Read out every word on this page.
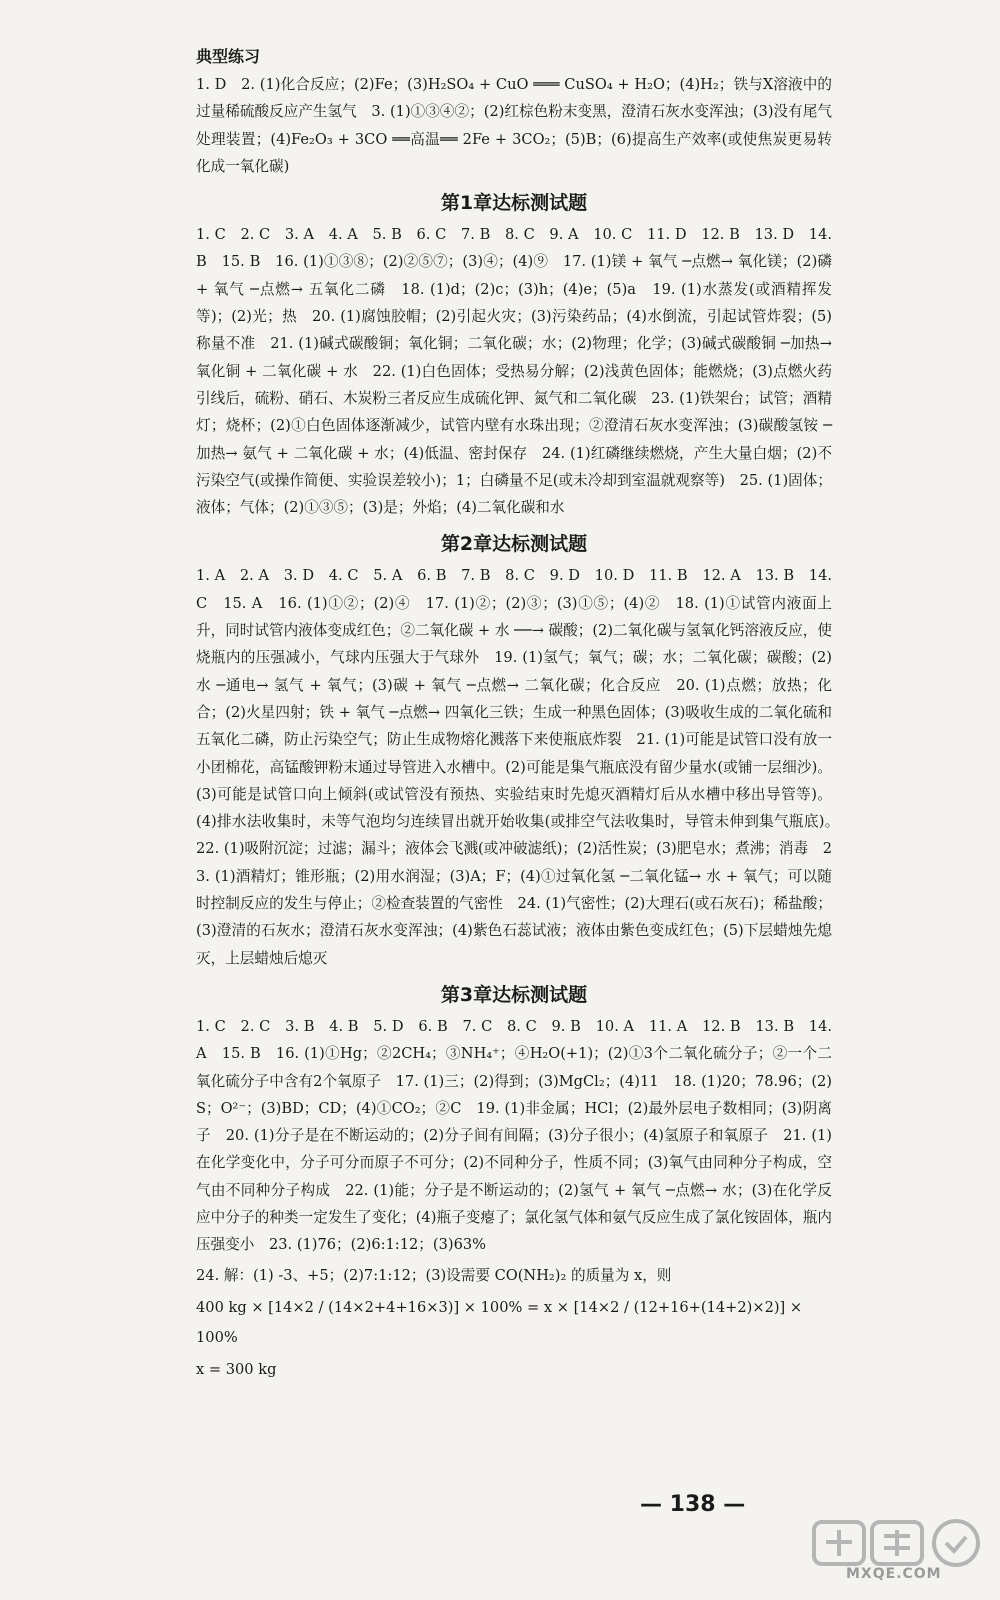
典型练习

1. D　2. (1)化合反应；(2)Fe；(3)H₂SO₄ + CuO ═══ CuSO₄ + H₂O；(4)H₂；铁与X溶液中的过量稀硫酸反应产生氢气　3. (1)①③④②；(2)红棕色粉末变黑，澄清石灰水变浑浊；(3)没有尾气处理装置；(4)Fe₂O₃ + 3CO ══高温══ 2Fe + 3CO₂；(5)B；(6)提高生产效率(或使焦炭更易转化成一氧化碳)

第1章达标测试题

1. C　2. C　3. A　4. A　5. B　6. C　7. B　8. C　9. A　10. C　11. D　12. B　13. D　14. B　15. B　16. (1)①③⑧；(2)②⑤⑦；(3)④；(4)⑨　17. (1)镁 + 氧气 ─点燃→ 氧化镁；(2)磷 + 氧气 ─点燃→ 五氧化二磷　18. (1)d；(2)c；(3)h；(4)e；(5)a　19. (1)水蒸发(或酒精挥发等)；(2)光；热　20. (1)腐蚀胶帽；(2)引起火灾；(3)污染药品；(4)水倒流，引起试管炸裂；(5)称量不准　21. (1)碱式碳酸铜；氧化铜；二氧化碳；水；(2)物理；化学；(3)碱式碳酸铜 ─加热→ 氧化铜 + 二氧化碳 + 水　22. (1)白色固体；受热易分解；(2)浅黄色固体；能燃烧；(3)点燃火药引线后，硫粉、硝石、木炭粉三者反应生成硫化钾、氮气和二氧化碳　23. (1)铁架台；试管；酒精灯；烧杯；(2)①白色固体逐渐减少，试管内壁有水珠出现；②澄清石灰水变浑浊；(3)碳酸氢铵 ─加热→ 氨气 + 二氧化碳 + 水；(4)低温、密封保存　24. (1)红磷继续燃烧，产生大量白烟；(2)不污染空气(或操作简便、实验误差较小)；1；白磷量不足(或未冷却到室温就观察等)　25. (1)固体；液体；气体；(2)①③⑤；(3)是；外焰；(4)二氧化碳和水

第2章达标测试题

1. A　2. A　3. D　4. C　5. A　6. B　7. B　8. C　9. D　10. D　11. B　12. A　13. B　14. C　15. A　16. (1)①②；(2)④　17. (1)②；(2)③；(3)①⑤；(4)②　18. (1)①试管内液面上升，同时试管内液体变成红色；②二氧化碳 + 水 ──→ 碳酸；(2)二氧化碳与氢氧化钙溶液反应，使烧瓶内的压强减小，气球内压强大于气球外　19. (1)氢气；氧气；碳；水；二氧化碳；碳酸；(2)水 ─通电→ 氢气 + 氧气；(3)碳 + 氧气 ─点燃→ 二氧化碳；化合反应　20. (1)点燃；放热；化合；(2)火星四射；铁 + 氧气 ─点燃→ 四氧化三铁；生成一种黑色固体；(3)吸收生成的二氧化硫和五氧化二磷，防止污染空气；防止生成物熔化溅落下来使瓶底炸裂　21. (1)可能是试管口没有放一小团棉花，高锰酸钾粉末通过导管进入水槽中。(2)可能是集气瓶底没有留少量水(或铺一层细沙)。(3)可能是试管口向上倾斜(或试管没有预热、实验结束时先熄灭酒精灯后从水槽中移出导管等)。(4)排水法收集时，未等气泡均匀连续冒出就开始收集(或排空气法收集时，导管未伸到集气瓶底)。　22. (1)吸附沉淀；过滤；漏斗；液体会飞溅(或冲破滤纸)；(2)活性炭；(3)肥皂水；煮沸；消毒　23. (1)酒精灯；锥形瓶；(2)用水润湿；(3)A；F；(4)①过氧化氢 ─二氧化锰→ 水 + 氧气；可以随时控制反应的发生与停止；②检查装置的气密性　24. (1)气密性；(2)大理石(或石灰石)；稀盐酸；(3)澄清的石灰水；澄清石灰水变浑浊；(4)紫色石蕊试液；液体由紫色变成红色；(5)下层蜡烛先熄灭，上层蜡烛后熄灭

第3章达标测试题

1. C　2. C　3. B　4. B　5. D　6. B　7. C　8. C　9. B　10. A　11. A　12. B　13. B　14. A　15. B　16. (1)①Hg；②2CH₄；③NH₄⁺；④H₂O(+1)；(2)①3个二氧化硫分子；②一个二氧化硫分子中含有2个氧原子　17. (1)三；(2)得到；(3)MgCl₂；(4)11　18. (1)20；78.96；(2)S；O²⁻；(3)BD；CD；(4)①CO₂；②C　19. (1)非金属；HCl；(2)最外层电子数相同；(3)阴离子　20. (1)分子是在不断运动的；(2)分子间有间隔；(3)分子很小；(4)氢原子和氧原子　21. (1)在化学变化中，分子可分而原子不可分；(2)不同种分子，性质不同；(3)氧气由同种分子构成，空气由不同种分子构成　22. (1)能；分子是不断运动的；(2)氢气 + 氧气 ─点燃→ 水；(3)在化学反应中分子的种类一定发生了变化；(4)瓶子变瘪了；氯化氢气体和氨气反应生成了氯化铵固体，瓶内压强变小　23. (1)76；(2)6:1:12；(3)63%

24. 解：(1) -3、+5；(2)7:1:12；(3)设需要 CO(NH₂)₂ 的质量为 x，则

400 kg × [14×2 / (14×2+4+16×3)] × 100% = x × [14×2 / (12+16+(14+2)×2)] × 100%

x = 300 kg

— 138 —
MXQE.COM
